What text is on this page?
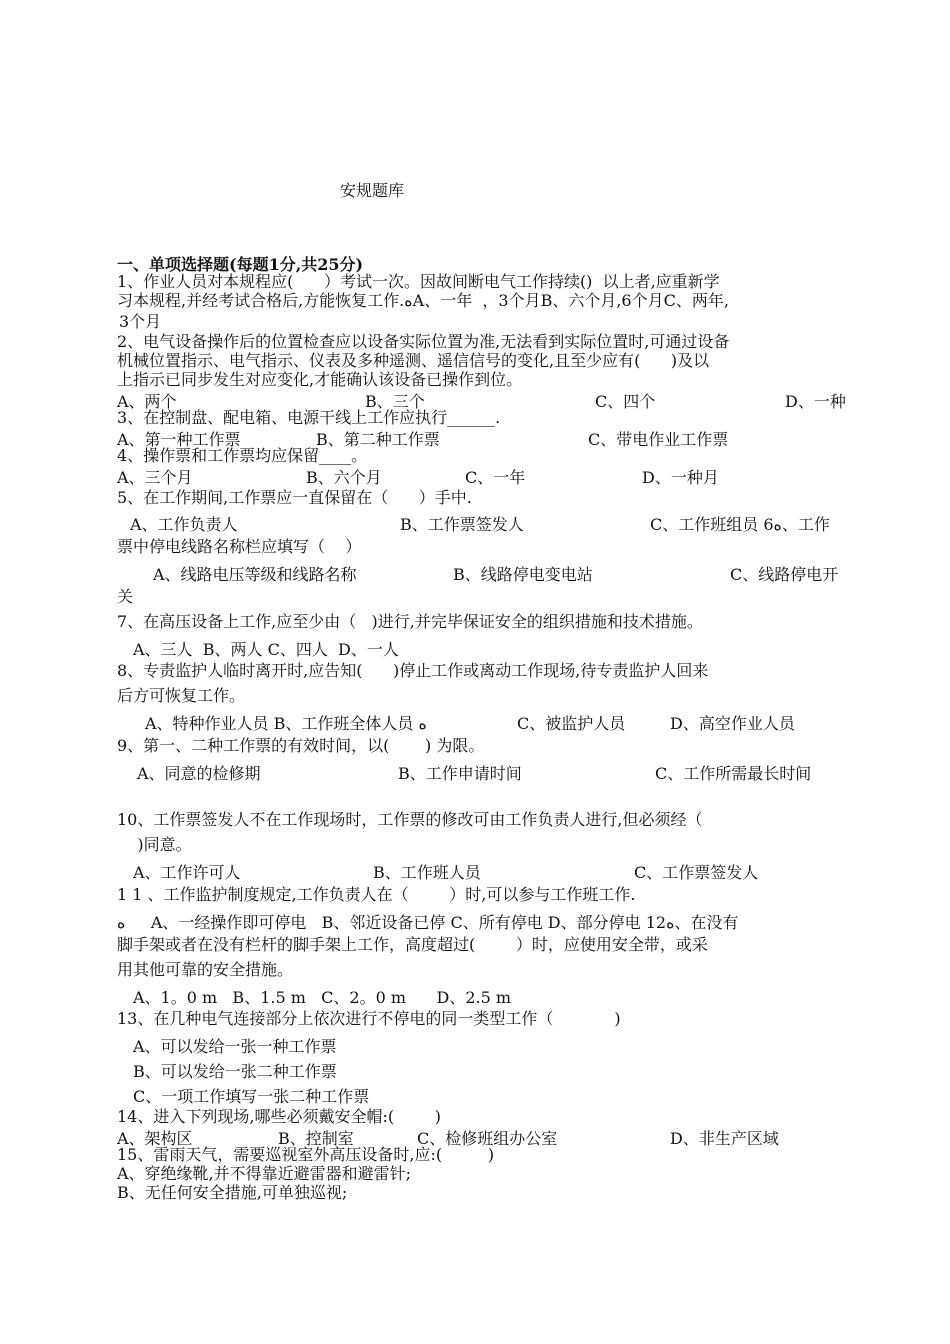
安规题库
一、单项选择题(每题1分,共25分)
1、作业人员对本规程应(      ）考试一次。因故间断电气工作持续()  以上者,应重新学
习本规程,并经考试合格后,方能恢复工作.ﻩA、一年  ，3个月B、六个月,6个月C、两年,
3个月
2、电气设备操作后的位置检查应以设备实际位置为准,无法看到实际位置时,可通过设备
机械位置指示、电气指示、仪表及多种遥测、遥信信号的变化,且至少应有(      )及以
上指示已同步发生对应变化,才能确认该设备已操作到位。
A、两个	B、三个	C、四个	D、一种
3、在控制盘、配电箱、电源干线上工作应执行______.
A、第一种工作票	B、第二种工作票	C、带电作业工作票
4、操作票和工作票均应保留____。
A、三个月	B、六个月	C、一年	D、一种月
5、在工作期间,工作票应一直保留在（      ）手中.
A、工作负责人	B、工作票签发人	C、工作班组员 6ﻩ、工作
票中停电线路名称栏应填写（    ）
A、线路电压等级和线路名称	B、线路停电变电站	C、线路停电开
关
7、在高压设备上工作,应至少由（   )进行,并完毕保证安全的组织措施和技术措施。
A、三人  B、两人 C、四人  D、一人
8、专责监护人临时离开时,应告知(      )停止工作或离动工作现场,待专责监护人回来
后方可恢复工作。
A、特种作业人员 B、工作班全体人员 ﻩ	C、被监护人员	D、高空作业人员
9、第一、二种工作票的有效时间，以(       ) 为限。
A、同意的检修期	B、工作申请时间	C、工作所需最长时间
10、工作票签发人不在工作现场时，工作票的修改可由工作负责人进行,但必须经（
)同意。
A、工作许可人	B、工作班人员	C、工作票签发人
1 1 、工作监护制度规定,工作负责人在（        ）时,可以参与工作班工作.
ﻩ     A、一经操作即可停电   B、邻近设备已停 C、所有停电 D、部分停电 12ﻩ、在没有
脚手架或者在没有栏杆的脚手架上工作，高度超过(        ）时，应使用安全带，或采
用其他可靠的安全措施。
A、1。0 m   B、1.5 m   C、2。0 m      D、2.5 m
13、在几种电气连接部分上依次进行不停电的同一类型工作（            )
A、可以发给一张一种工作票
B、可以发给一张二种工作票
C、一项工作填写一张二种工作票
14、进入下列现场,哪些必须戴安全帽:(        )
A、架构区	B、控制室	C、检修班组办公室	D、非生产区域
15、雷雨天气，需要巡视室外高压设备时,应:(         )
A、穿绝缘靴,并不得靠近避雷器和避雷针;
B、无任何安全措施,可单独巡视;
